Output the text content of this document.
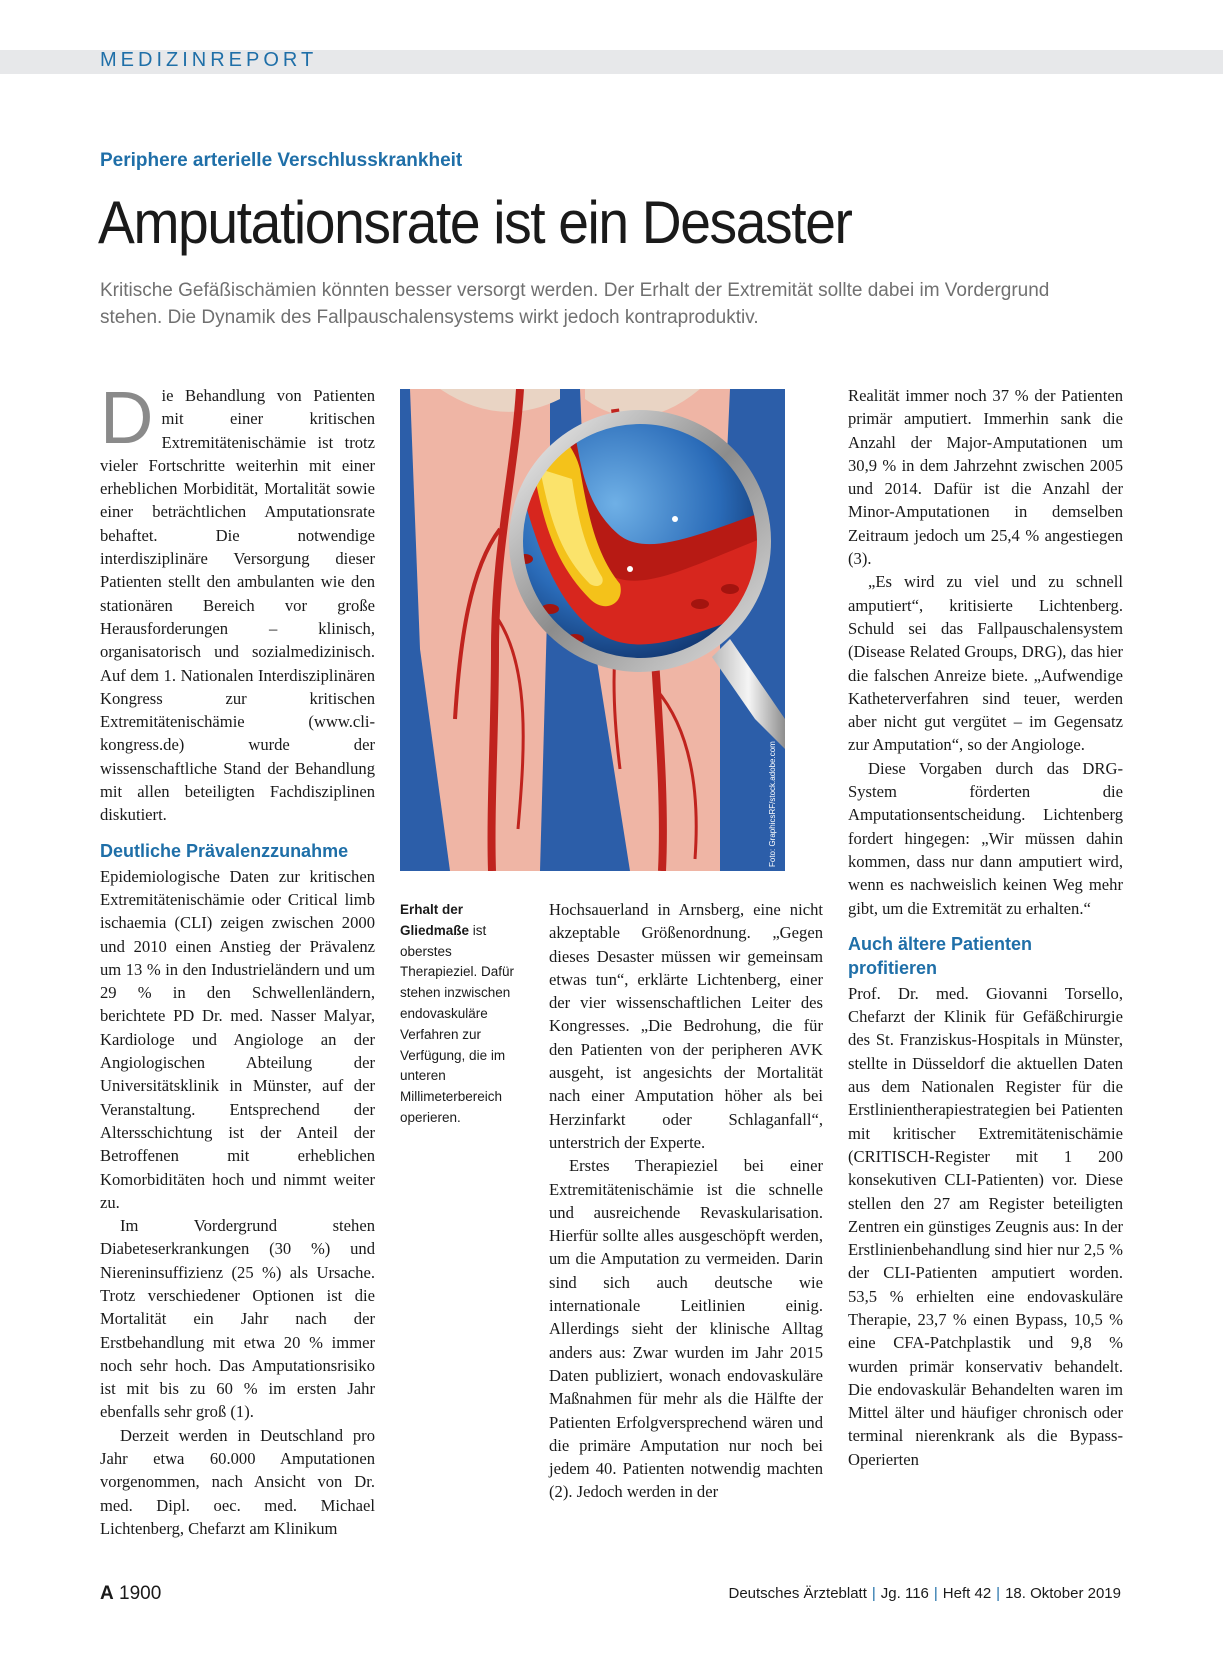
MEDIZINREPORT
Periphere arterielle Verschlusskrankheit
Amputationsrate ist ein Desaster
Kritische Gefäßischämien könnten besser versorgt werden. Der Erhalt der Extremität sollte dabei im Vordergrund stehen. Die Dynamik des Fallpauschalensystems wirkt jedoch kontraproduktiv.
D ie Behandlung von Patienten mit einer kritischen Extremitätenischämie ist trotz vieler Fortschritte weiterhin mit einer erheblichen Morbidität, Mortalität sowie einer beträchtlichen Amputationsrate behaftet. Die notwendige interdisziplinäre Versorgung dieser Patienten stellt den ambulanten wie den stationären Bereich vor große Herausforderungen – klinisch, organisatorisch und sozialmedizinisch. Auf dem 1. Nationalen Interdisziplinären Kongress zur kritischen Extremitätenischämie (www.cli-kongress.de) wurde der wissenschaftliche Stand der Behandlung mit allen beteiligten Fachdisziplinen diskutiert.

Deutliche Prävalenzzunahme

Epidemiologische Daten zur kritischen Extremitätenischämie oder Critical limb ischaemia (CLI) zeigen zwischen 2000 und 2010 einen Anstieg der Prävalenz um 13 % in den Industrieländern und um 29 % in den Schwellenländern, berichtete PD Dr. med. Nasser Malyar, Kardiologe und Angiologe an der Angiologischen Abteilung der Universitätsklinik in Münster, auf der Veranstaltung. Entsprechend der Altersschichtung ist der Anteil der Betroffenen mit erheblichen Komorbiditäten hoch und nimmt weiter zu.

Im Vordergrund stehen Diabeteserkrankungen (30 %) und Niereninsuffizienz (25 %) als Ursache. Trotz verschiedener Optionen ist die Mortalität ein Jahr nach der Erstbehandlung mit etwa 20 % immer noch sehr hoch. Das Amputationsrisiko ist mit bis zu 60 % im ersten Jahr ebenfalls sehr groß (1).

Derzeit werden in Deutschland pro Jahr etwa 60.000 Amputationen vorgenommen, nach Ansicht von Dr. med. Dipl. oec. med. Michael Lichtenberg, Chefarzt am Klinikum

Foto: GraphicsRF/stock.adobe.com
Erhalt der Gliedmaße ist oberstes Therapieziel. Dafür stehen inzwischen endovaskuläre Verfahren zur Verfügung, die im unteren Millimeterbereich operieren.

Hochsauerland in Arnsberg, eine nicht akzeptable Größenordnung. „Gegen dieses Desaster müssen wir gemeinsam etwas tun“, erklärte Lichtenberg, einer der vier wissenschaftlichen Leiter des Kongresses. „Die Bedrohung, die für den Patienten von der peripheren AVK ausgeht, ist angesichts der Mortalität nach einer Amputation höher als bei Herzinfarkt oder Schlaganfall“, unterstrich der Experte.

Erstes Therapieziel bei einer Extremitätenischämie ist die schnelle und ausreichende Revaskularisation. Hierfür sollte alles ausgeschöpft werden, um die Amputation zu vermeiden. Darin sind sich auch deutsche wie internationale Leitlinien einig. Allerdings sieht der klinische Alltag anders aus: Zwar wurden im Jahr 2015 Daten publiziert, wonach endovaskuläre Maßnahmen für mehr als die Hälfte der Patienten Erfolgversprechend wären und die primäre Amputation nur noch bei jedem 40. Patienten notwendig machten (2). Jedoch werden in der

Realität immer noch 37 % der Patienten primär amputiert. Immerhin sank die Anzahl der Major-Amputationen um 30,9 % in dem Jahrzehnt zwischen 2005 und 2014. Dafür ist die Anzahl der Minor-Amputationen in demselben Zeitraum jedoch um 25,4 % angestiegen (3).

„Es wird zu viel und zu schnell amputiert“, kritisierte Lichtenberg. Schuld sei das Fallpauschalensystem (Disease Related Groups, DRG), das hier die falschen Anreize biete. „Aufwendige Katheterverfahren sind teuer, werden aber nicht gut vergütet – im Gegensatz zur Amputation“, so der Angiologe.

Diese Vorgaben durch das DRG-System förderten die Amputationsentscheidung. Lichtenberg fordert hingegen: „Wir müssen dahin kommen, dass nur dann amputiert wird, wenn es nachweislich keinen Weg mehr gibt, um die Extremität zu erhalten.“

Auch ältere Patienten profitieren

Prof. Dr. med. Giovanni Torsello, Chefarzt der Klinik für Gefäßchirurgie des St. Franziskus-Hospitals in Münster, stellte in Düsseldorf die aktuellen Daten aus dem Nationalen Register für die Erstlinientherapiestrategien bei Patienten mit kritischer Extremitätenischämie (CRITISCH-Register mit 1 200 konsekutiven CLI-Patienten) vor. Diese stellen den 27 am Register beteiligten Zentren ein günstiges Zeugnis aus: In der Erstlinienbehandlung sind hier nur 2,5 % der CLI-Patienten amputiert worden. 53,5 % erhielten eine endovaskuläre Therapie, 23,7 % einen Bypass, 10,5 % eine CFA-Patchplastik und 9,8 % wurden primär konservativ behandelt. Die endovaskulär Behandelten waren im Mittel älter und häufiger chronisch oder terminal nierenkrank als die Bypass-Operierten

A 1900	Deutsches Ärzteblatt | Jg. 116 | Heft 42 | 18. Oktober 2019
